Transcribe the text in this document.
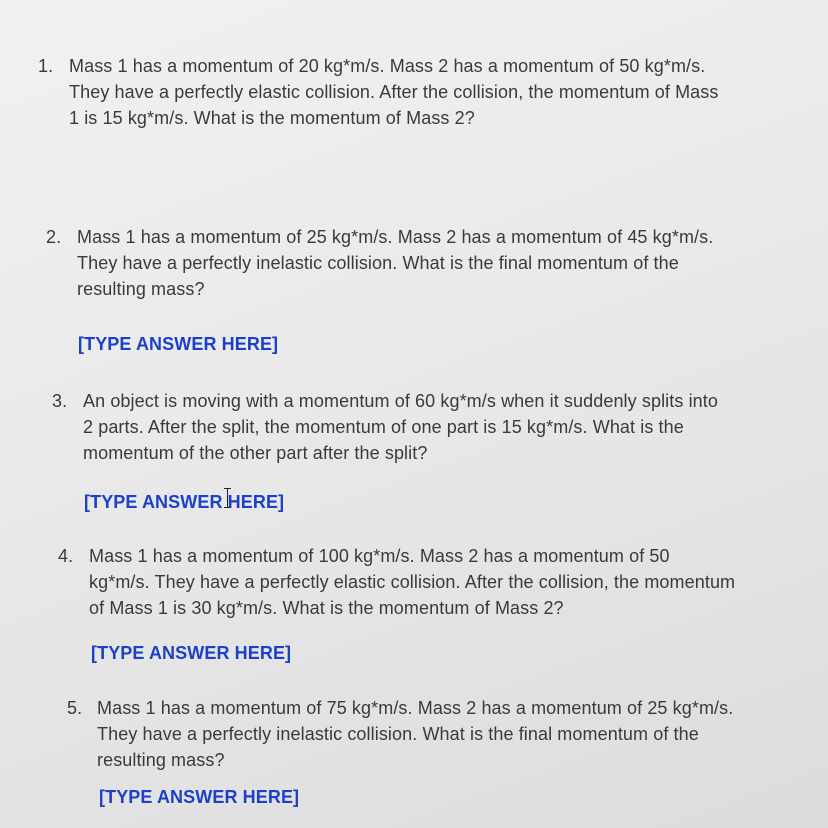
1. Mass 1 has a momentum of 20 kg*m/s. Mass 2 has a momentum of 50 kg*m/s.
They have a perfectly elastic collision. After the collision, the momentum of Mass
1 is 15 kg*m/s. What is the momentum of Mass 2?
2. Mass 1 has a momentum of 25 kg*m/s. Mass 2 has a momentum of 45 kg*m/s.
They have a perfectly inelastic collision. What is the final momentum of the
resulting mass?
[TYPE ANSWER HERE]
3. An object is moving with a momentum of 60 kg*m/s when it suddenly splits into
2 parts. After the split, the momentum of one part is 15 kg*m/s. What is the
momentum of the other part after the split?
[TYPE ANSWER HERE]
4. Mass 1 has a momentum of 100 kg*m/s. Mass 2 has a momentum of 50
kg*m/s. They have a perfectly elastic collision. After the collision, the momentum
of Mass 1 is 30 kg*m/s. What is the momentum of Mass 2?
[TYPE ANSWER HERE]
5. Mass 1 has a momentum of 75 kg*m/s. Mass 2 has a momentum of 25 kg*m/s.
They have a perfectly inelastic collision. What is the final momentum of the
resulting mass?
[TYPE ANSWER HERE]
